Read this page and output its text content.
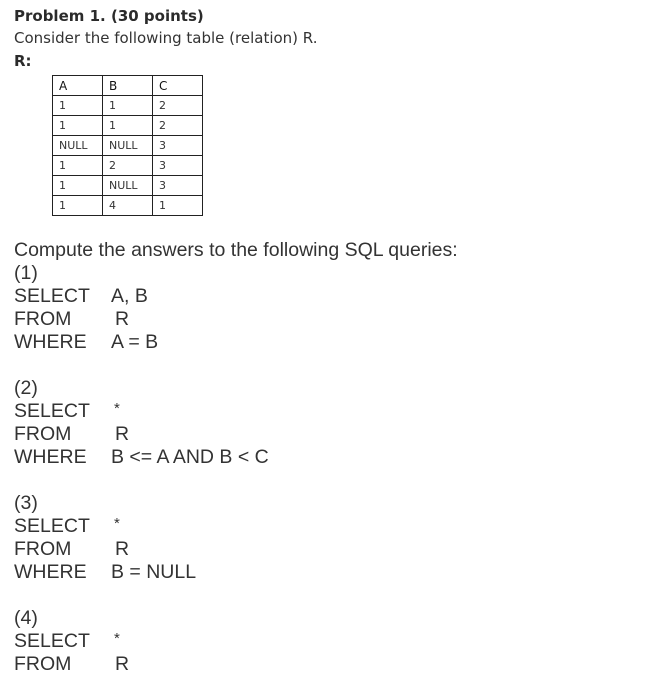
Problem 1. (30 points)
Consider the following table (relation) R.
R:
A	B	C
1	1	2
1	1	2
NULL	NULL	3
1	2	3
1	NULL	3
1	4	1
Compute the answers to the following SQL queries:
(1)
SELECT	A, B
FROM	R
WHERE	A = B
(2)
SELECT	*
FROM	R
WHERE	B <= A AND B < C
(3)
SELECT	*
FROM	R
WHERE	B = NULL
(4)
SELECT	*
FROM	R
